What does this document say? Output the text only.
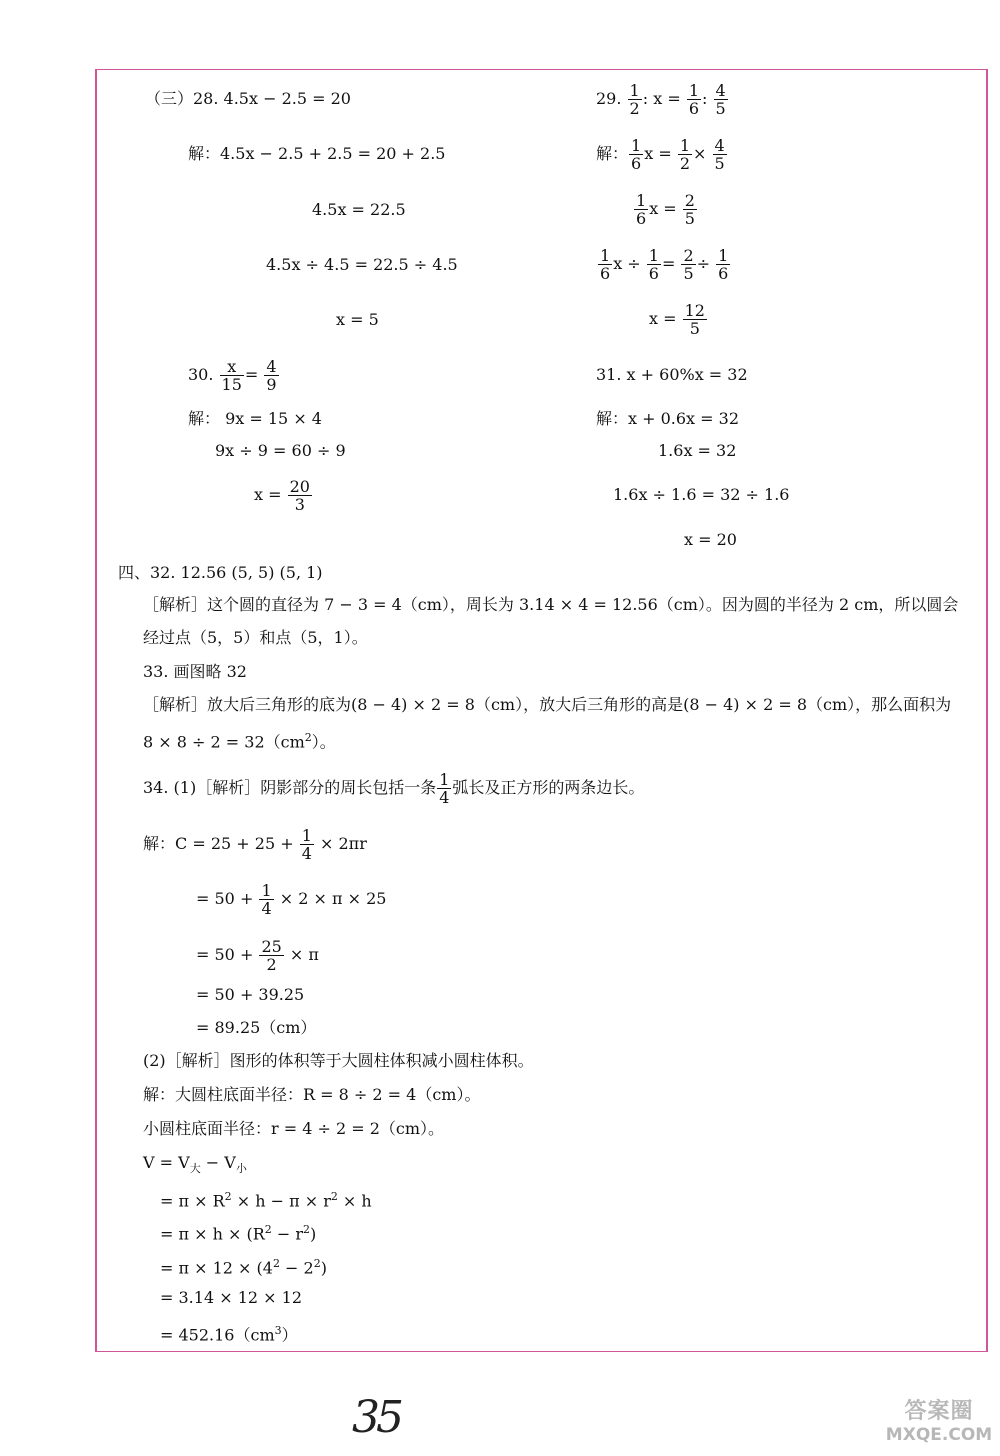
（三）28. 4.5x − 2.5 = 20
解：4.5x − 2.5 + 2.5 = 20 + 2.5
4.5x = 22.5
4.5x ÷ 4.5 = 22.5 ÷ 4.5
x = 5
29. $\frac{1}{2}$ : $x = \frac{1}{6}$ : $\frac{4}{5}$
解： $\frac{1}{6}$ $x = \frac{1}{2} \times \frac{4}{5}$
$\frac{1}{6}$ $x = \frac{2}{5}$
$\frac{1}{6}$ $x \div \frac{1}{6} = \frac{2}{5} \div \frac{1}{6}$
$x = \frac{12}{5}$
30. $\frac{x}{15} = \frac{4}{9}$
解： 9x = 15 × 4
9x ÷ 9 = 60 ÷ 9
$x = \frac{20}{3}$
31. x + 60%x = 32
解：x + 0.6x = 32
1.6x = 32
1.6x ÷ 1.6 = 32 ÷ 1.6
x = 20
四、32. 12.56 (5, 5) (5, 1)
［解析］这个圆的直径为 7 − 3 = 4（cm），周长为 3.14 × 4 = 12.56（cm）。因为圆的半径为 2 cm，所以圆会
经过点（5，5）和点（5，1）。
33. 画图略 32
［解析］放大后三角形的底为(8 − 4) × 2 = 8（cm），放大后三角形的高是(8 − 4) × 2 = 8（cm），那么面积为
$8 \times 8 \div 2 = 32(cm^2)$。
34. (1)［解析］阴影部分的周长包括一条 $\frac{1}{4}$ 弧长及正方形的两条边长。
解：$C = 25 + 25 + \frac{1}{4} \times 2\pi r$
= $50 + \frac{1}{4} \times 2 \times \pi \times 25$
= $50 + \frac{25}{2} \times \pi$
= 50 + 39.25
= 89.25（cm）
(2)［解析］图形的体积等于大圆柱体积减小圆柱体积。
解：大圆柱底面半径：R = 8 ÷ 2 = 4（cm）。
小圆柱底面半径：r = 4 ÷ 2 = 2（cm）。
$V = V_大 - V_小$
= $\pi \times R^2 \times h - \pi \times r^2 \times h$
= $\pi \times h \times (R^2 - r^2)$
= $\pi \times 12 \times (4^2 - 2^2)$
= 3.14 × 12 × 12
= $452.16(cm^3)$
35	答案圈
MXQE.COM
